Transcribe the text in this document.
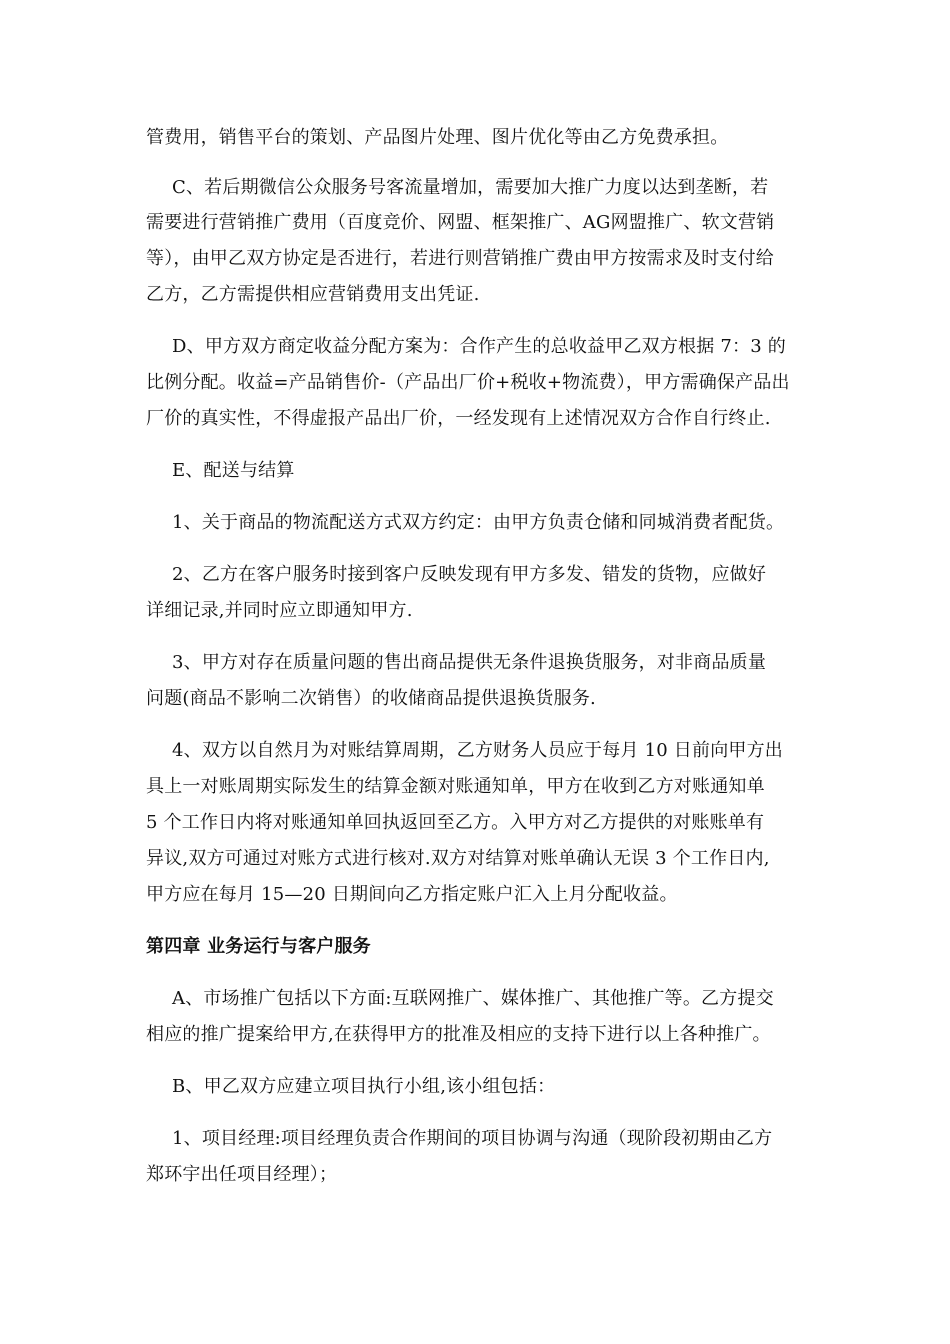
管费用，销售平台的策划、产品图片处理、图片优化等由乙方免费承担。
C、若后期微信公众服务号客流量增加，需要加大推广力度以达到垄断，若
需要进行营销推广费用（百度竞价、网盟、框架推广、AG网盟推广、软文营销
等），由甲乙双方协定是否进行，若进行则营销推广费由甲方按需求及时支付给
乙方，乙方需提供相应营销费用支出凭证.
D、甲方双方商定收益分配方案为：合作产生的总收益甲乙双方根据 7：3 的
比例分配。收益=产品销售价-（产品出厂价+税收+物流费），甲方需确保产品出
厂价的真实性，不得虚报产品出厂价，一经发现有上述情况双方合作自行终止.
E、配送与结算
1、关于商品的物流配送方式双方约定：由甲方负责仓储和同城消费者配货。
2、乙方在客户服务时接到客户反映发现有甲方多发、错发的货物，应做好
详细记录,并同时应立即通知甲方.
3、甲方对存在质量问题的售出商品提供无条件退换货服务，对非商品质量
问题(商品不影响二次销售）的收储商品提供退换货服务.
4、双方以自然月为对账结算周期，乙方财务人员应于每月 10 日前向甲方出
具上一对账周期实际发生的结算金额对账通知单，甲方在收到乙方对账通知单
5 个工作日内将对账通知单回执返回至乙方。入甲方对乙方提供的对账账单有
异议,双方可通过对账方式进行核对.双方对结算对账单确认无误 3 个工作日内,
甲方应在每月 15—20 日期间向乙方指定账户汇入上月分配收益。
第四章 业务运行与客户服务
A、市场推广包括以下方面:互联网推广、媒体推广、其他推广等。乙方提交
相应的推广提案给甲方,在获得甲方的批准及相应的支持下进行以上各种推广。
B、甲乙双方应建立项目执行小组,该小组包括：
1、项目经理:项目经理负责合作期间的项目协调与沟通（现阶段初期由乙方
郑环宇出任项目经理）；
